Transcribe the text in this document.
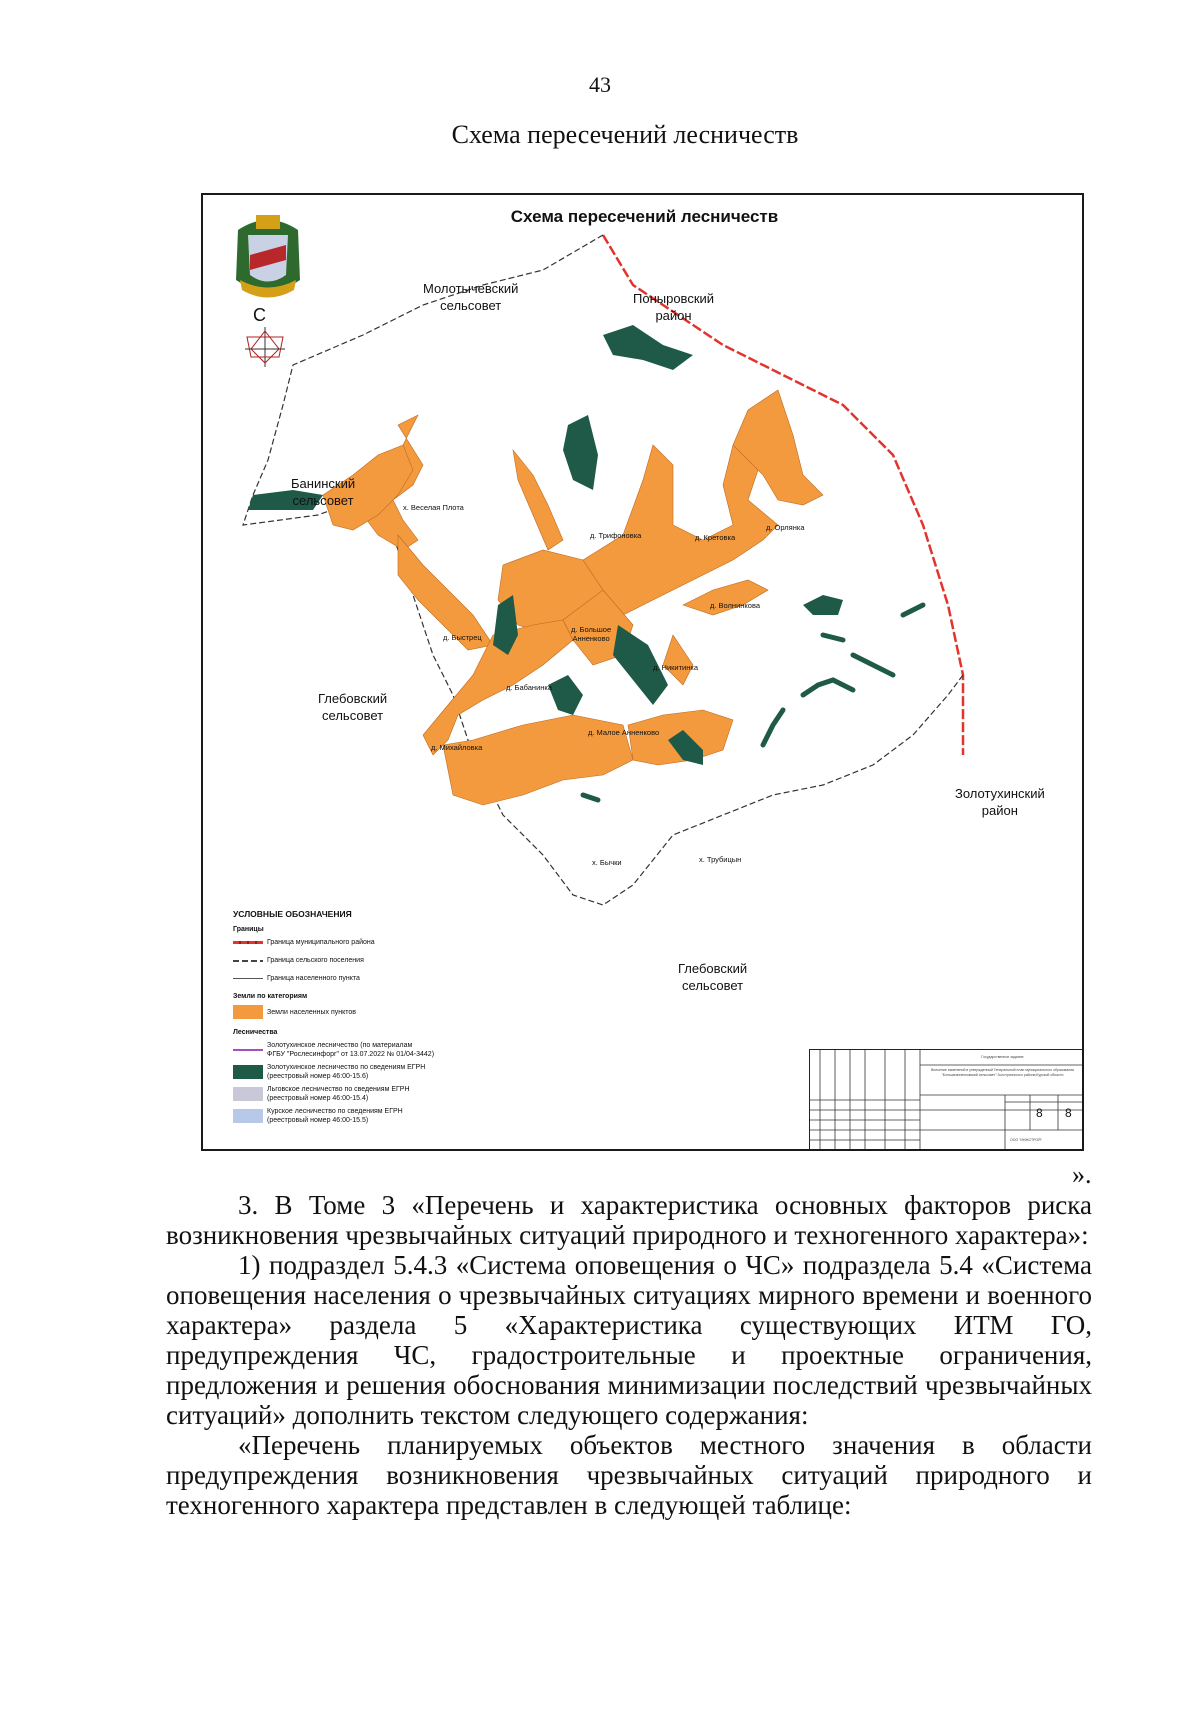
43
Схема пересечений лесничеств
Схема пересечений лесничеств
С
Молотычевский
сельсовет	Поныровский
район
Банинский
сельсовет
Глебовский
сельсовет
Золотухинский
район
Глебовский
сельсовет
х. Веселая Плота
д. Трифоновка	д. Кретовка
д. Орлянка
д. Волнинкова
д. Быстрец
д. Большое
Анненково
д. Никитинка
д. Бабанинка
д. Малое Анненково
д. Михайловка
х. Бычки	х. Трубицын
УСЛОВНЫЕ ОБОЗНАЧЕНИЯ
Границы
Граница муниципального района
Граница сельского поселения
Граница населенного пункта
Земли по категориям
Земли населенных пунктов
Лесничества
Золотухинское лесничество (по материалам
ФГБУ "Рослесинфорг" от 13.07.2022 № 01/04-3442)
Золотухинское лесничество по сведениям ЕГРН
(реестровый номер 46:00-15.6)
Льговское лесничество по сведениям ЕГРН
(реестровый номер 46:00-15.4)
Курское лесничество по сведениям ЕГРН
(реестровый номер 46:00-15.5)
Государственное задание
Внесение изменений в утвержденный Генеральный план муниципального образования "Большеанненковский сельсовет" Золотухинского района Курской области
8 8
ООО "ИНЖСТРОЙ"
».

3. В Томе 3 «Перечень и характеристика основных факторов риска возникновения чрезвычайных ситуаций природного и техногенного характера»:

1) подраздел 5.4.3 «Система оповещения о ЧС» подраздела 5.4 «Система оповещения населения о чрезвычайных ситуациях мирного времени и военного характера» раздела 5 «Характеристика существующих ИТМ ГО, предупреждения ЧС, градостроительные и проектные ограничения, предложения и решения обоснования минимизации последствий чрезвычайных ситуаций» дополнить текстом следующего содержания:

«Перечень планируемых объектов местного значения в области предупреждения возникновения чрезвычайных ситуаций природного и техногенного характера представлен в следующей таблице:
